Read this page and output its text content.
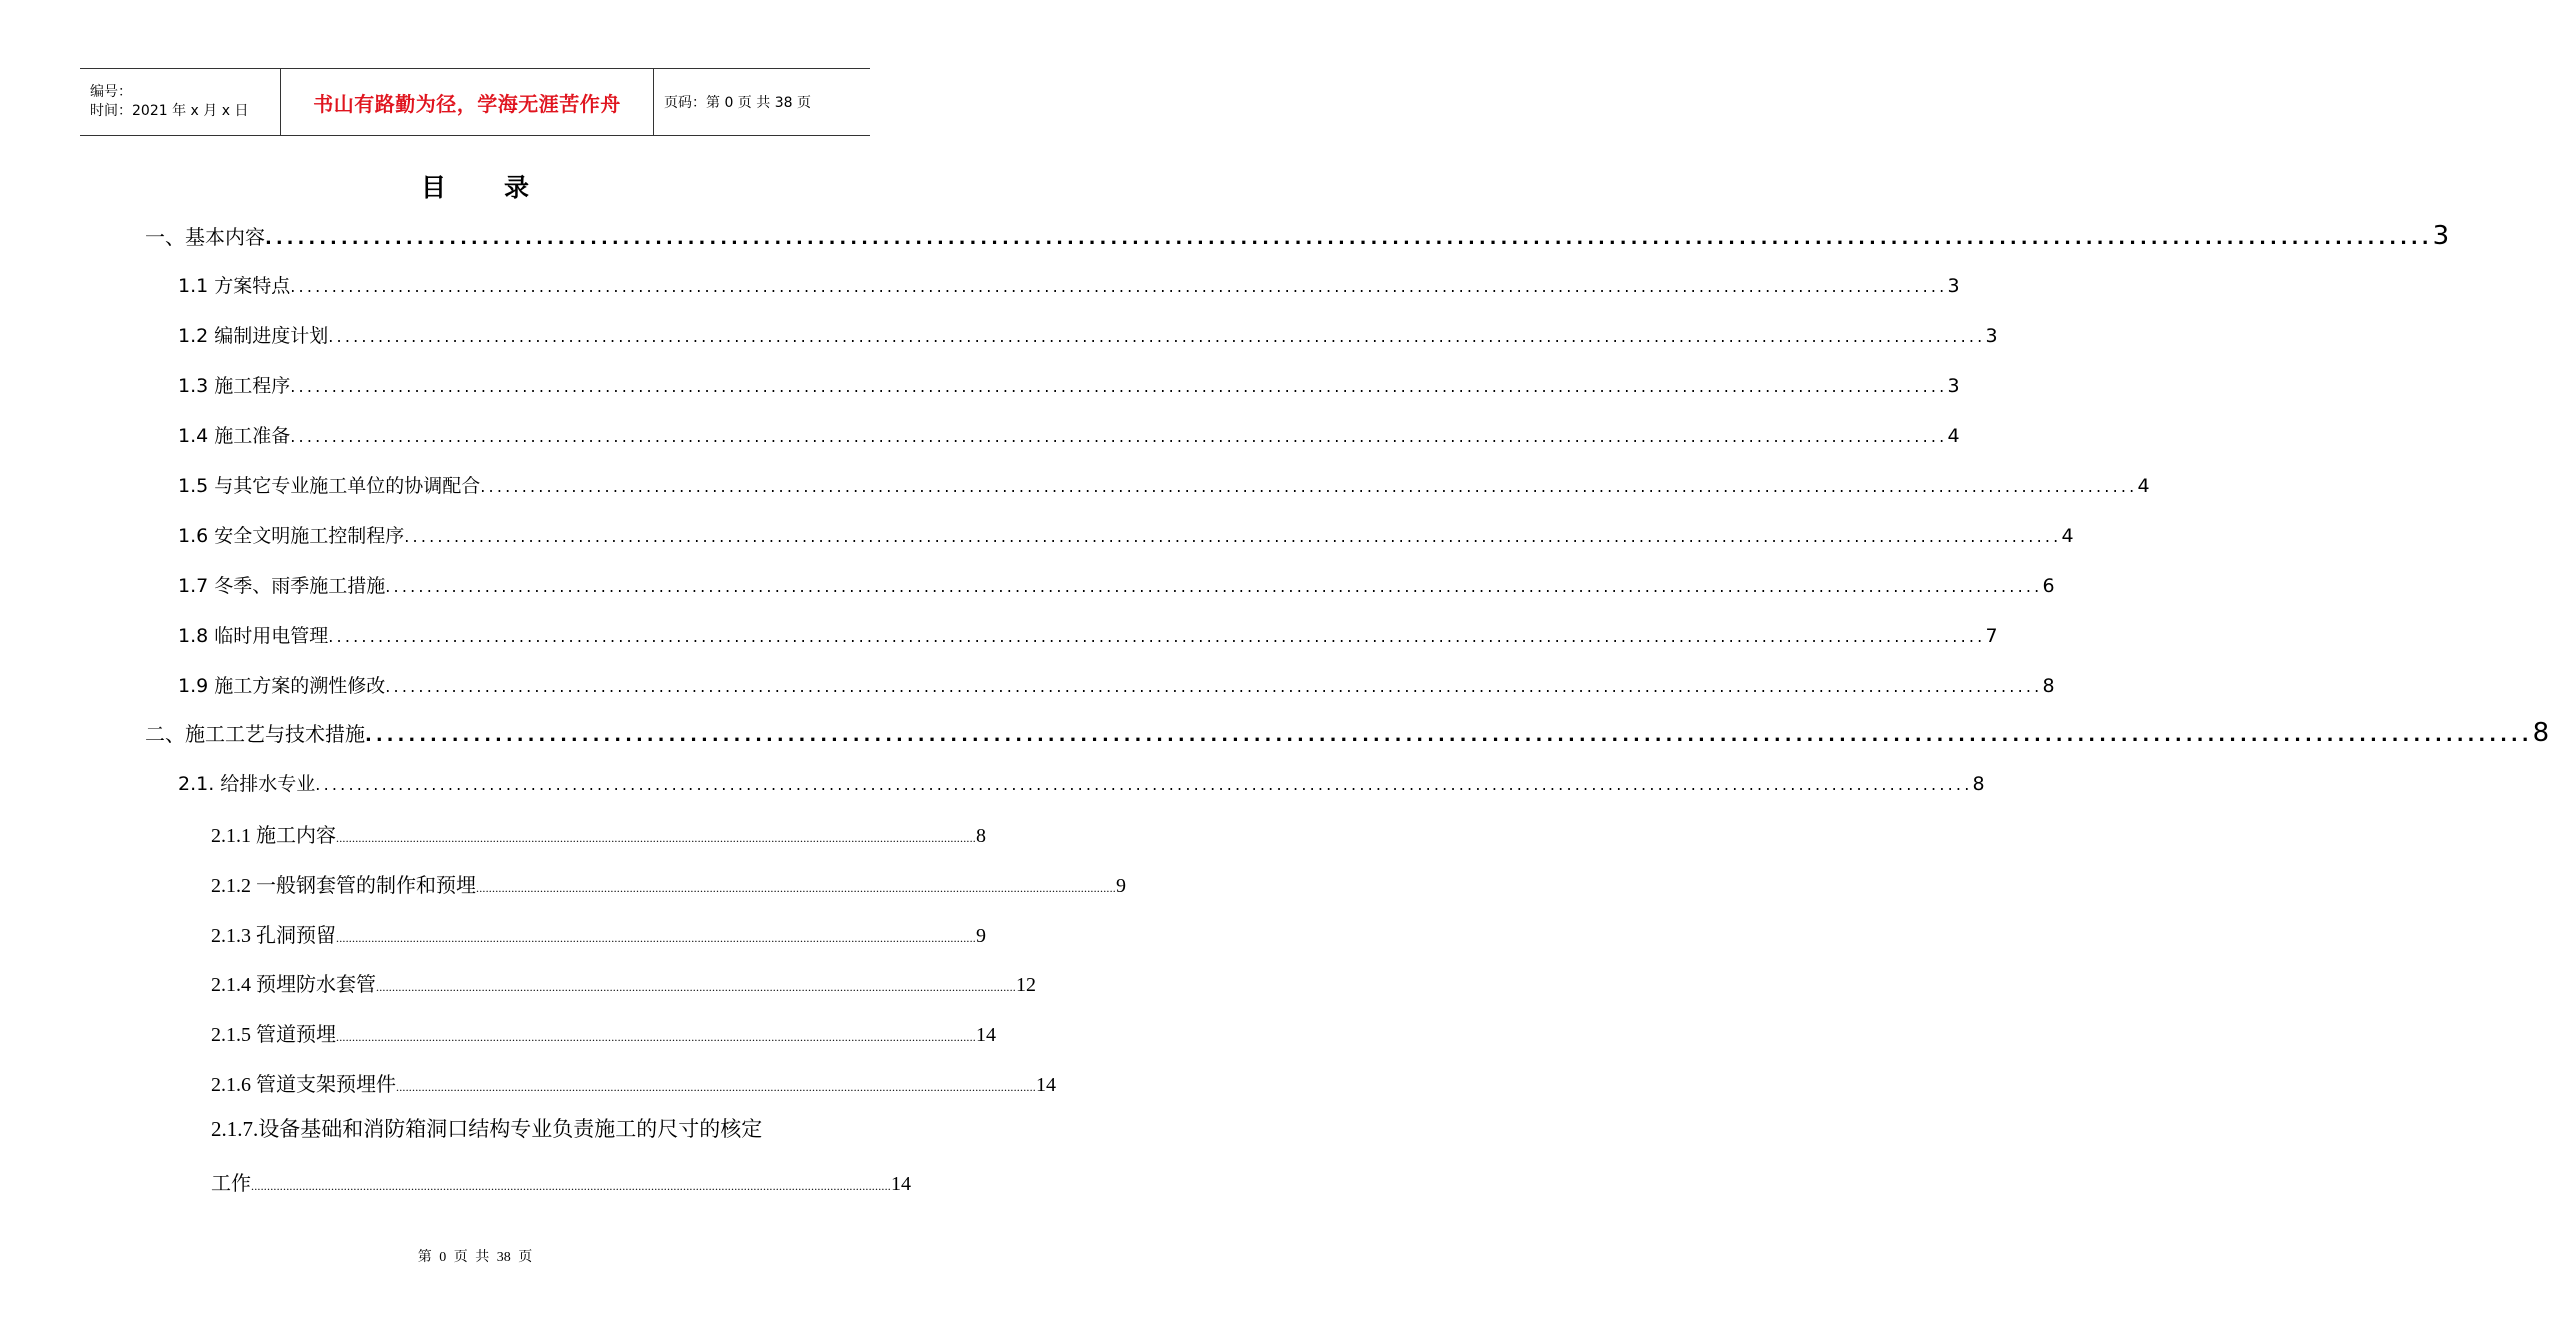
编号：
时间：2021 年 x 月 x 日	书山有路勤为径，学海无涯苦作舟	页码：第 0 页 共 38 页
目录
一、基本内容 ........................................................................................................................................................................................................ 3
1.1 方案特点 ........................................................................................................................................................................................................ 3
1.2 编制进度计划 ........................................................................................................................................................................................................ 3
1.3 施工程序 ........................................................................................................................................................................................................ 3
1.4 施工准备 ........................................................................................................................................................................................................ 4
1.5 与其它专业施工单位的协调配合 ........................................................................................................................................................................................................ 4
1.6 安全文明施工控制程序 ........................................................................................................................................................................................................ 4
1.7 冬季、雨季施工措施 ........................................................................................................................................................................................................ 6
1.8 临时用电管理 ........................................................................................................................................................................................................ 7
1.9 施工方案的溯性修改 ........................................................................................................................................................................................................ 8
二、施工工艺与技术措施 ........................................................................................................................................................................................................ 8
2.1. 给排水专业 ........................................................................................................................................................................................................ 8
2.1.1 施工内容 ........................................................................................................................................................................................................ 8
2.1.2 一般钢套管的制作和预埋 ........................................................................................................................................................................................................ 9
2.1.3 孔洞预留 ........................................................................................................................................................................................................ 9
2.1.4 预埋防水套管 ........................................................................................................................................................................................................ 12
2.1.5 管道预埋 ........................................................................................................................................................................................................ 14
2.1.6 管道支架预埋件 ........................................................................................................................................................................................................ 14
2.1.7.设备基础和消防箱洞口结构专业负责施工的尺寸的核定
工作 ........................................................................................................................................................................................................ 14
第 0 页 共 38 页
